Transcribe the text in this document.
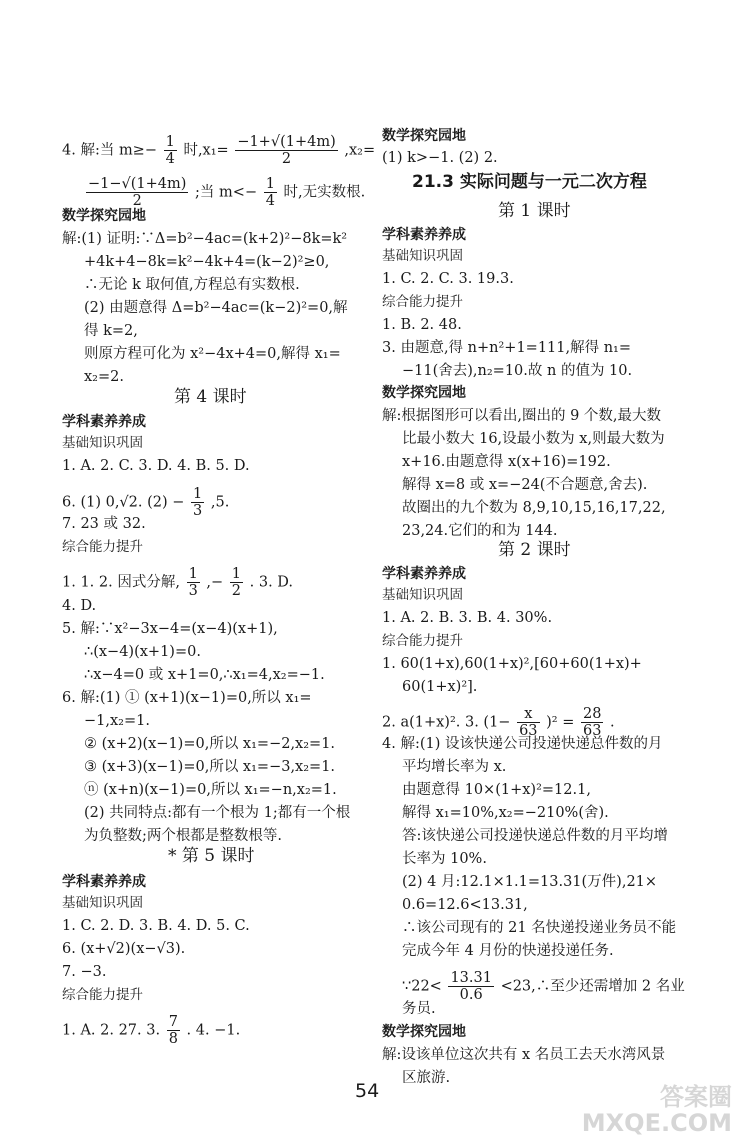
4. 解:当 $m\ge- \frac{1}{4}$ 时$,x_1= \frac{-1+√(1+4m)}{2} ,x_2=$
$\frac{-1-√(1+4m)}{2}$ ;当 $m<- \frac{1}{4}$ 时,无实数根.
数学探究园地
解:(1) 证明:∵Δ=b²−4ac=(k+2)²−8k=k²
+4k+4−8k=k²−4k+4=(k−2)²≥0,
∴无论 k 取何值,方程总有实数根.
(2) 由题意得 Δ=b²−4ac=(k−2)²=0,解
得 k=2,
则原方程可化为 x²−4x+4=0,解得 x₁=
x₂=2.
第 4 课时
学科素养养成
基础知识巩固
1. A. 2. C. 3. D. 4. B. 5. D.
6. (1) 0,√2. $(2) - \frac{1}{3} ,5$.
7. 23 或 32.
综合能力提升
1. 1. 2. 因式分解, $\frac{1}{3}$ ,− $\frac{1}{2}$ . 3. D.
4. D.
5. 解:∵x²−3x−4=(x−4)(x+1),
∴(x−4)(x+1)=0.
∴x−4=0 或 x+1=0,∴x₁=4,x₂=−1.
6. 解:(1) ① (x+1)(x−1)=0,所以 x₁=
−1,x₂=1.
② (x+2)(x−1)=0,所以 x₁=−2,x₂=1.
③ (x+3)(x−1)=0,所以 x₁=−3,x₂=1.
ⓝ (x+n)(x−1)=0,所以 x₁=−n,x₂=1.
(2) 共同特点:都有一个根为 1;都有一个根
为负整数;两个根都是整数根等.
* 第 5 课时
学科素养养成
基础知识巩固
1. C. 2. D. 3. B. 4. D. 5. C.
6. (x+√2)(x−√3).
7. −3.
综合能力提升
1. A. 2. 27. 3. $\frac{7}{8}$ . 4. −1.
数学探究园地
(1) k>−1. (2) 2.
21.3 实际问题与一元二次方程
第 1 课时
学科素养养成
基础知识巩固
1. C. 2. C. 3. 19.3.
综合能力提升
1. B. 2. 48.
3. 由题意,得 n+n²+1=111,解得 n₁=
−11(舍去),n₂=10.故 n 的值为 10.
数学探究园地
解:根据图形可以看出,圈出的 9 个数,最大数
比最小数大 16,设最小数为 x,则最大数为
x+16.由题意得 x(x+16)=192.
解得 x=8 或 x=−24(不合题意,舍去).
故圈出的九个数为 8,9,10,15,16,17,22,
23,24.它们的和为 144.
第 2 课时
学科素养养成
基础知识巩固
1. A. 2. B. 3. B. 4. 30%.
综合能力提升
1. 60(1+x),60(1+x)²,[60+60(1+x)+
60(1+x)²].
2. a(1+x)². 3. $(1- \frac{x}{63} )^2 = \frac{28}{63}$ .
4. 解:(1) 设该快递公司投递快递总件数的月
平均增长率为 x.
由题意得 10×(1+x)²=12.1,
解得 x₁=10%,x₂=−210%(舍).
答:该快递公司投递快递总件数的月平均增
长率为 10%.
(2) 4 月:12.1×1.1=13.31(万件),21×
0.6=12.6<13.31,
∴该公司现有的 21 名快递投递业务员不能
完成今年 4 月份的快递投递任务.
∵22< $\frac{13.31}{0.6}$ <23,∴至少还需增加 2 名业
务员.
数学探究园地
解:设该单位这次共有 x 名员工去天水湾风景
区旅游.
54	答案圈
MXQE.COM
